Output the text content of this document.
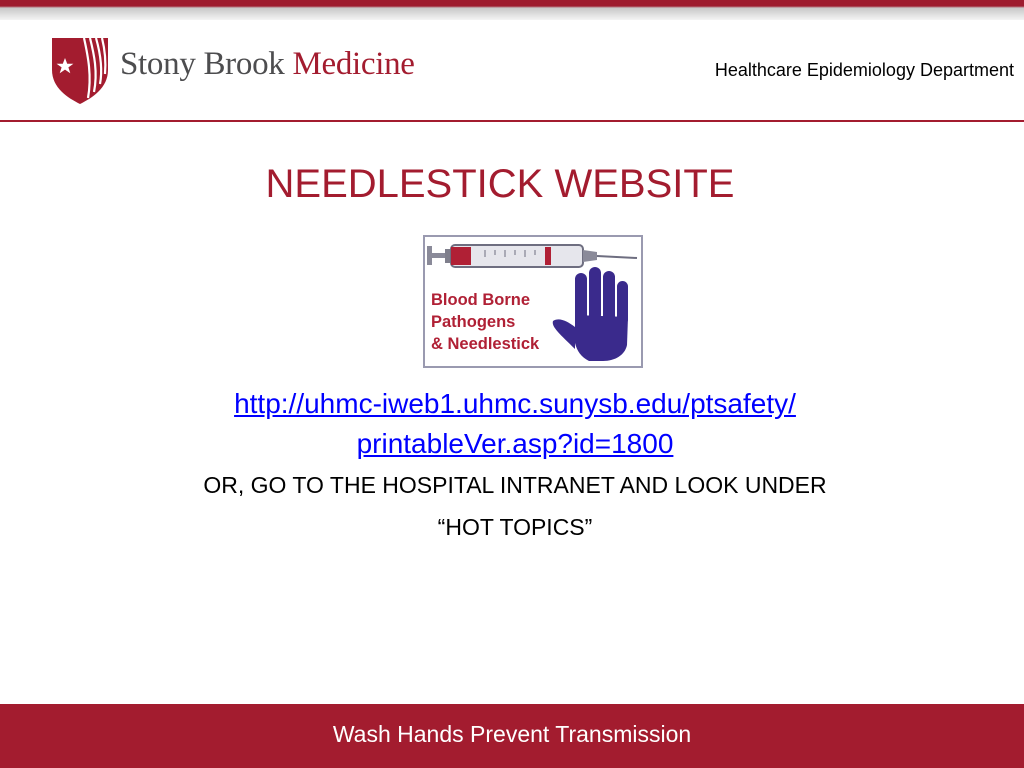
Stony Brook Medicine	Healthcare Epidemiology Department
NEEDLESTICK WEBSITE
Blood Borne
Pathogens
& Needlestick
http://uhmc-iweb1.uhmc.sunysb.edu/ptsafety/
printableVer.asp?id=1800
OR, GO TO THE HOSPITAL INTRANET AND LOOK UNDER
“HOT TOPICS”
Wash Hands Prevent Transmission
